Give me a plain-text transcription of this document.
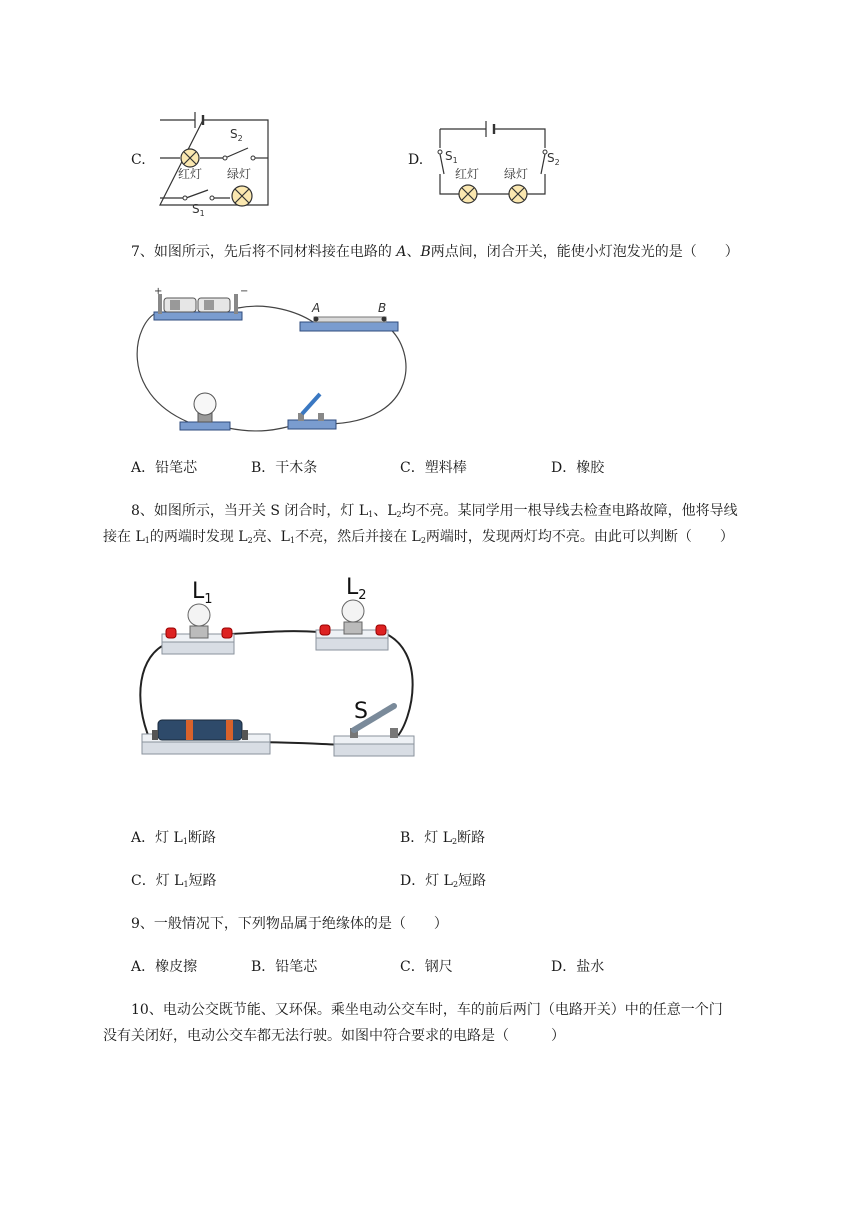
C.
$S_2$
红灯 绿灯
$S_1$
D. $S_1$	$S_2$
红灯 绿灯
7、如图所示，先后将不同材料接在电路的 A、B两点间，闭合开关，能使小灯泡发光的是（　　）
+	−
A	B
A．铅笔芯	B．干木条	C．塑料棒	D．橡胶
8、如图所示，当开关 S 闭合时，灯 $L_1$、$L_2$均不亮。某同学用一根导线去检查电路故障，他将导线
接在 $L_1$的两端时发现 $L_2$亮、$L_1$不亮，然后并接在 $L_2$两端时，发现两灯均不亮。由此可以判断（　　）
$L_1$	$L_2$
S
A．灯 $L_1$断路	B．灯 $L_2$断路
C．灯 $L_1$短路	D．灯 $L_2$短路
9、一般情况下，下列物品属于绝缘体的是（　　）
A．橡皮擦	B．铅笔芯	C．钢尺	D．盐水
10、电动公交既节能、又环保。乘坐电动公交车时，车的前后两门（电路开关）中的任意一个门
没有关闭好，电动公交车都无法行驶。如图中符合要求的电路是（　　　）
